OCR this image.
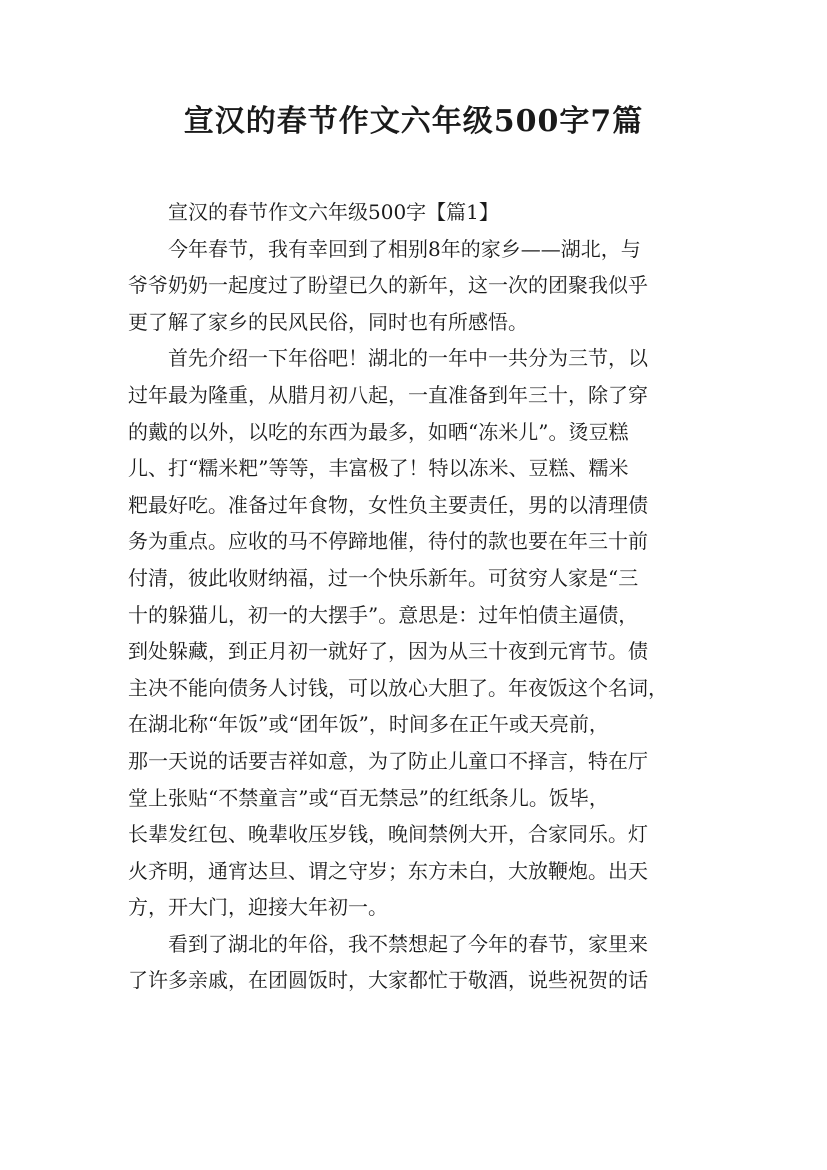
宣汉的春节作文六年级500字7篇
宣汉的春节作文六年级500字【篇1】
今年春节，我有幸回到了相别8年的家乡——湖北，与
爷爷奶奶一起度过了盼望已久的新年，这一次的团聚我似乎
更了解了家乡的民风民俗，同时也有所感悟。
首先介绍一下年俗吧！湖北的一年中一共分为三节，以
过年最为隆重，从腊月初八起，一直准备到年三十，除了穿
的戴的以外，以吃的东西为最多，如晒“冻米儿”。烫豆糕
儿、打“糯米粑”等等，丰富极了！特以冻米、豆糕、糯米
粑最好吃。准备过年食物，女性负主要责任，男的以清理债
务为重点。应收的马不停蹄地催，待付的款也要在年三十前
付清，彼此收财纳福，过一个快乐新年。可贫穷人家是“三
十的躲猫儿，初一的大摆手”。意思是：过年怕债主逼债，
到处躲藏，到正月初一就好了，因为从三十夜到元宵节。债
主决不能向债务人讨钱，可以放心大胆了。年夜饭这个名词，
在湖北称“年饭”或“团年饭”，时间多在正午或天亮前，
那一天说的话要吉祥如意，为了防止儿童口不择言，特在厅
堂上张贴“不禁童言”或“百无禁忌”的红纸条儿。饭毕，
长辈发红包、晚辈收压岁钱，晚间禁例大开，合家同乐。灯
火齐明，通宵达旦、谓之守岁；东方未白，大放鞭炮。出天
方，开大门，迎接大年初一。
看到了湖北的年俗，我不禁想起了今年的春节，家里来
了许多亲戚，在团圆饭时，大家都忙于敬酒，说些祝贺的话
